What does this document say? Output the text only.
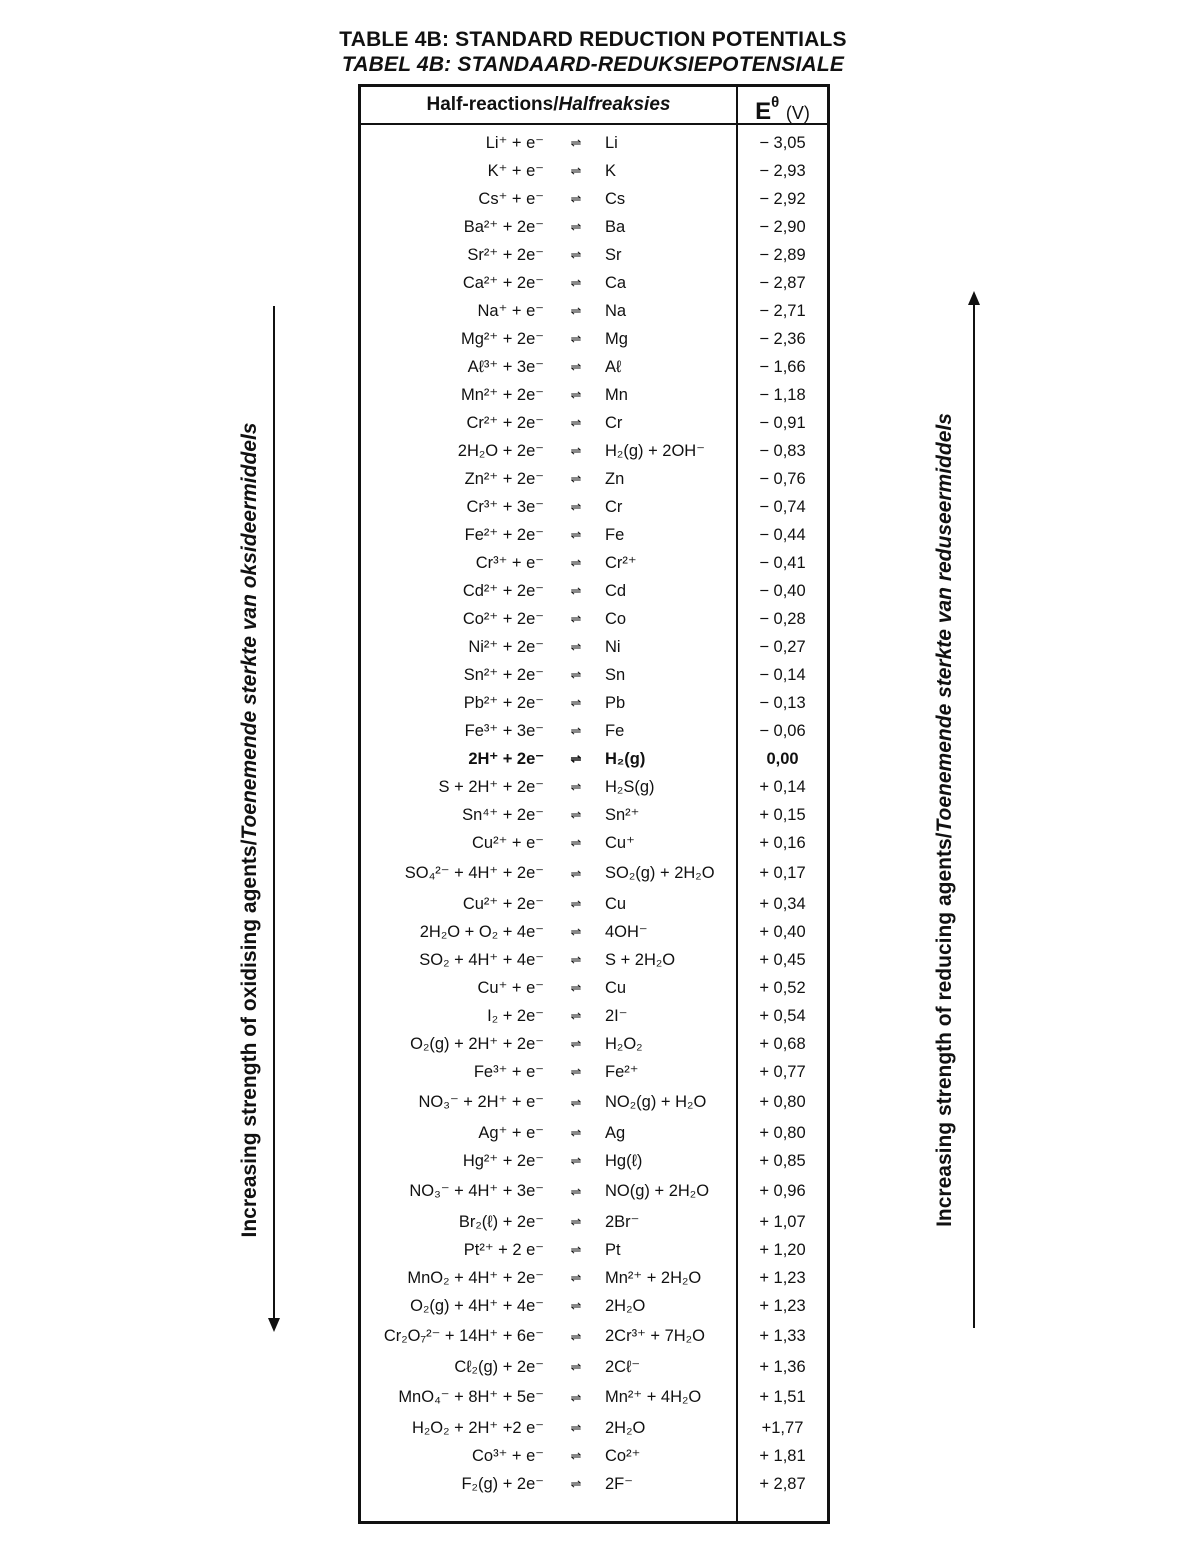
TABLE 4B: STANDARD REDUCTION POTENTIALS
TABEL 4B: STANDAARD-REDUKSIEPOTENSIALE
Half-reactions/Halfreaksies	$E^\theta$ (V)
Li⁺ + e⁻	⇌ Li	− 3,05
K⁺ + e⁻	⇌ K	− 2,93
Cs⁺ + e⁻	⇌ Cs	− 2,92
Ba²⁺ + 2e⁻	⇌ Ba	− 2,90
Sr²⁺ + 2e⁻	⇌ Sr	− 2,89
Ca²⁺ + 2e⁻	⇌ Ca	− 2,87
Na⁺ + e⁻	⇌ Na	− 2,71
Mg²⁺ + 2e⁻	⇌ Mg	− 2,36
Aℓ³⁺ + 3e⁻	⇌ Aℓ	− 1,66
Mn²⁺ + 2e⁻	⇌ Mn	− 1,18
Cr²⁺ + 2e⁻	⇌ Cr	− 0,91
2H₂O + 2e⁻	⇌ H₂(g) + 2OH⁻	− 0,83
Zn²⁺ + 2e⁻	⇌ Zn	− 0,76
Cr³⁺ + 3e⁻	⇌ Cr	− 0,74
Fe²⁺ + 2e⁻	⇌ Fe	− 0,44
Cr³⁺ + e⁻	⇌ Cr²⁺	− 0,41
Cd²⁺ + 2e⁻	⇌ Cd	− 0,40
Co²⁺ + 2e⁻	⇌ Co	− 0,28
Ni²⁺ + 2e⁻	⇌ Ni	− 0,27
Sn²⁺ + 2e⁻	⇌ Sn	− 0,14
Pb²⁺ + 2e⁻	⇌ Pb	− 0,13
Fe³⁺ + 3e⁻	⇌ Fe	− 0,06
2H⁺ + 2e⁻	⇌ H₂(g)	0,00
S + 2H⁺ + 2e⁻	⇌ H₂S(g)	+ 0,14
Sn⁴⁺ + 2e⁻	⇌ Sn²⁺	+ 0,15
Cu²⁺ + e⁻	⇌ Cu⁺	+ 0,16
SO₄²⁻ + 4H⁺ + 2e⁻	⇌ SO₂(g) + 2H₂O	+ 0,17
Cu²⁺ + 2e⁻	⇌ Cu	+ 0,34
2H₂O + O₂ + 4e⁻	⇌ 4OH⁻	+ 0,40
SO₂ + 4H⁺ + 4e⁻	⇌ S + 2H₂O	+ 0,45
Cu⁺ + e⁻	⇌ Cu	+ 0,52
I₂ + 2e⁻	⇌ 2I⁻	+ 0,54
O₂(g) + 2H⁺ + 2e⁻	⇌ H₂O₂	+ 0,68
Fe³⁺ + e⁻	⇌ Fe²⁺	+ 0,77
NO₃⁻ + 2H⁺ + e⁻	⇌ NO₂(g) + H₂O	+ 0,80
Ag⁺ + e⁻	⇌ Ag	+ 0,80
Hg²⁺ + 2e⁻	⇌ Hg(ℓ)	+ 0,85
NO₃⁻ + 4H⁺ + 3e⁻	⇌ NO(g) + 2H₂O	+ 0,96
Br₂(ℓ) + 2e⁻	⇌ 2Br⁻	+ 1,07
Pt²⁺ + 2 e⁻	⇌ Pt	+ 1,20
MnO₂ + 4H⁺ + 2e⁻	⇌ Mn²⁺ + 2H₂O	+ 1,23
O₂(g) + 4H⁺ + 4e⁻	⇌ 2H₂O	+ 1,23
Cr₂O₇²⁻ + 14H⁺ + 6e⁻	⇌ 2Cr³⁺ + 7H₂O	+ 1,33
Cℓ₂(g) + 2e⁻	⇌ 2Cℓ⁻	+ 1,36
MnO₄⁻ + 8H⁺ + 5e⁻	⇌ Mn²⁺ + 4H₂O	+ 1,51
H₂O₂ + 2H⁺ +2 e⁻	⇌ 2H₂O	+1,77
Co³⁺ + e⁻	⇌ Co²⁺	+ 1,81
F₂(g) + 2e⁻	⇌ 2F⁻	+ 2,87
Increasing strength of oxidising agents/Toenemende sterkte van oksideermiddels
Increasing strength of reducing agents/Toenemende sterkte van reduseermiddels
